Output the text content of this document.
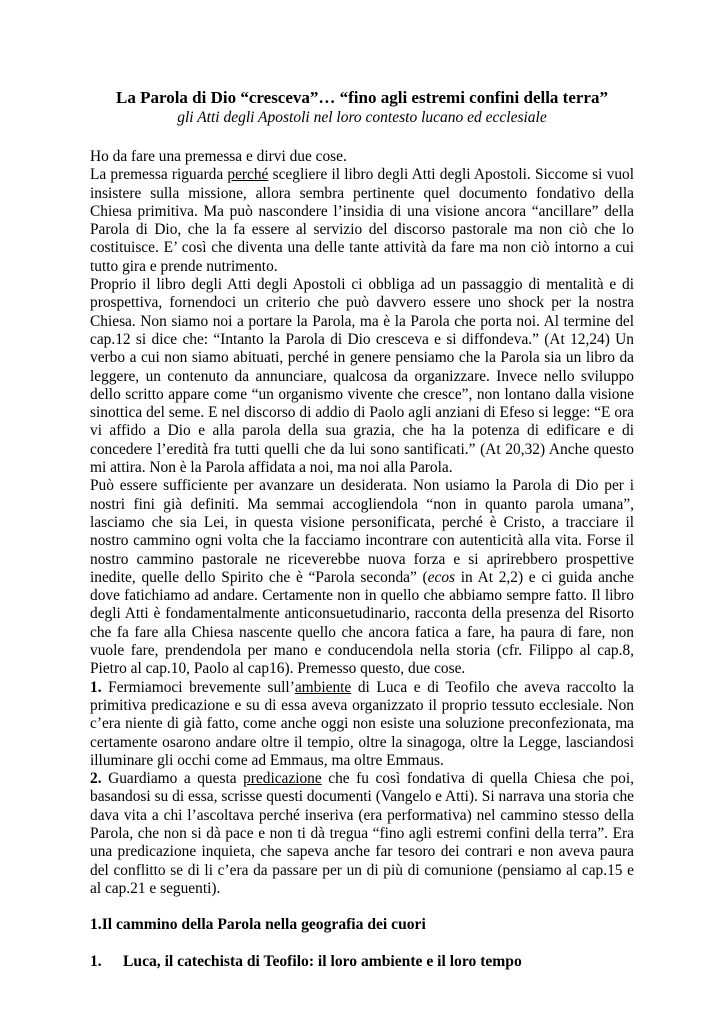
La Parola di Dio “cresceva”… “fino agli estremi confini della terra”
gli Atti degli Apostoli nel loro contesto lucano ed ecclesiale

Ho da fare una premessa e dirvi due cose.

La premessa riguarda perché scegliere il libro degli Atti degli Apostoli. Siccome si vuol insistere sulla missione, allora sembra pertinente quel documento fondativo della Chiesa primitiva. Ma può nascondere l’insidia di una visione ancora “ancillare” della Parola di Dio, che la fa essere al servizio del discorso pastorale ma non ciò che lo costituisce. E’ così che diventa una delle tante attività da fare ma non ciò intorno a cui tutto gira e prende nutrimento.

Proprio il libro degli Atti degli Apostoli ci obbliga ad un passaggio di mentalità e di prospettiva, fornendoci un criterio che può davvero essere uno shock per la nostra Chiesa. Non siamo noi a portare la Parola, ma è la Parola che porta noi. Al termine del cap.12 si dice che: “Intanto la Parola di Dio cresceva e si diffondeva.” (At 12,24) Un verbo a cui non siamo abituati, perché in genere pensiamo che la Parola sia un libro da leggere, un contenuto da annunciare, qualcosa da organizzare. Invece nello sviluppo dello scritto appare come “un organismo vivente che cresce”, non lontano dalla visione sinottica del seme. E nel discorso di addio di Paolo agli anziani di Efeso si legge: “E ora vi affido a Dio e alla parola della sua grazia, che ha la potenza di edificare e di concedere l’eredità fra tutti quelli che da lui sono santificati.” (At 20,32) Anche questo mi attira. Non è la Parola affidata a noi, ma noi alla Parola.

Può essere sufficiente per avanzare un desiderata. Non usiamo la Parola di Dio per i nostri fini già definiti. Ma semmai accogliendola “non in quanto parola umana”, lasciamo che sia Lei, in questa visione personificata, perché è Cristo, a tracciare il nostro cammino ogni volta che la facciamo incontrare con autenticità alla vita. Forse il nostro cammino pastorale ne riceverebbe nuova forza e si aprirebbero prospettive inedite, quelle dello Spirito che è “Parola seconda” (ecos in At 2,2) e ci guida anche dove fatichiamo ad andare. Certamente non in quello che abbiamo sempre fatto. Il libro degli Atti è fondamentalmente anticonsuetudinario, racconta della presenza del Risorto che fa fare alla Chiesa nascente quello che ancora fatica a fare, ha paura di fare, non vuole fare, prendendola per mano e conducendola nella storia (cfr. Filippo al cap.8, Pietro al cap.10, Paolo al cap16). Premesso questo, due cose.

1. Fermiamoci brevemente sull’ambiente di Luca e di Teofilo che aveva raccolto la primitiva predicazione e su di essa aveva organizzato il proprio tessuto ecclesiale. Non c’era niente di già fatto, come anche oggi non esiste una soluzione preconfezionata, ma certamente osarono andare oltre il tempio, oltre la sinagoga, oltre la Legge, lasciandosi illuminare gli occhi come ad Emmaus, ma oltre Emmaus.

2. Guardiamo a questa predicazione che fu così fondativa di quella Chiesa che poi, basandosi su di essa, scrisse questi documenti (Vangelo e Atti). Si narrava una storia che dava vita a chi l’ascoltava perché inseriva (era performativa) nel cammino stesso della Parola, che non si dà pace e non ti dà tregua “fino agli estremi confini della terra”. Era una predicazione inquieta, che sapeva anche far tesoro dei contrari e non aveva paura del conflitto se di li c’era da passare per un di più di comunione (pensiamo al cap.15 e al cap.21 e seguenti).

1.Il cammino della Parola nella geografia dei cuori

1. Luca, il catechista di Teofilo: il loro ambiente e il loro tempo
